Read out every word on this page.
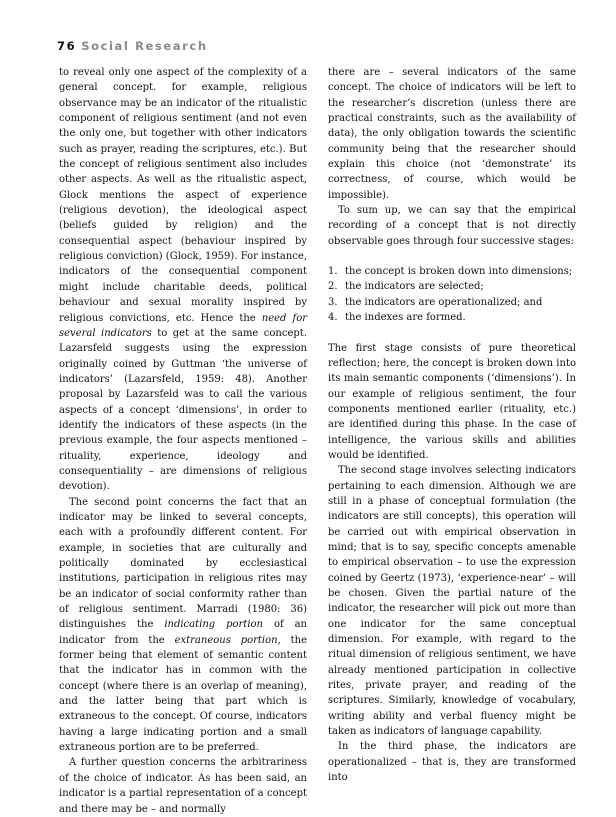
76 Social Research

to reveal only one aspect of the complexity of a general concept. for example, religious observance may be an indicator of the ritualistic component of religious sentiment (and not even the only one, but together with other indicators such as prayer, reading the scriptures, etc.). But the concept of religious sentiment also includes other aspects. As well as the ritualistic aspect, Glock mentions the aspect of experience (religious devotion), the ideological aspect (beliefs guided by religion) and the consequential aspect (behaviour inspired by religious conviction) (Glock, 1959). For instance, indicators of the consequential component might include charitable deeds, political behaviour and sexual morality inspired by religious convictions, etc. Hence the need for several indicators to get at the same concept. Lazarsfeld suggests using the expression originally coined by Guttman ‘the universe of indicators’ (Lazarsfeld, 1959: 48). Another proposal by Lazarsfeld was to call the various aspects of a concept ‘dimensions’, in order to identify the indicators of these aspects (in the previous example, the four aspects mentioned – rituality, experience, ideology and consequentiality – are dimensions of religious devotion).

The second point concerns the fact that an indicator may be linked to several concepts, each with a profoundly different content. For example, in societies that are culturally and politically dominated by ecclesiastical institutions, participation in religious rites may be an indicator of social conformity rather than of religious sentiment. Marradi (1980: 36) distinguishes the indicating portion of an indicator from the extraneous portion, the former being that element of semantic content that the indicator has in common with the concept (where there is an overlap of meaning), and the latter being that part which is extraneous to the concept. Of course, indicators having a large indicating portion and a small extraneous portion are to be preferred.

A further question concerns the arbitrariness of the choice of indicator. As has been said, an indicator is a partial representation of a concept and there may be – and normally

there are – several indicators of the same concept. The choice of indicators will be left to the researcher’s discretion (unless there are practical constraints, such as the availability of data), the only obligation towards the scientific community being that the researcher should explain this choice (not ‘demonstrate’ its correctness, of course, which would be impossible).

To sum up, we can say that the empirical recording of a concept that is not directly observable goes through four successive stages:

1. the concept is broken down into dimensions;
2. the indicators are selected;
3. the indicators are operationalized; and
4. the indexes are formed.

The first stage consists of pure theoretical reflection; here, the concept is broken down into its main semantic components (‘dimensions’). In our example of religious sentiment, the four components mentioned earlier (rituality, etc.) are identified during this phase. In the case of intelligence, the various skills and abilities would be identified.

The second stage involves selecting indicators pertaining to each dimension. Although we are still in a phase of conceptual formulation (the indicators are still concepts), this operation will be carried out with empirical observation in mind; that is to say, specific concepts amenable to empirical observation – to use the expression coined by Geertz (1973), ‘experience-near’ – will be chosen. Given the partial nature of the indicator, the researcher will pick out more than one indicator for the same conceptual dimension. For example, with regard to the ritual dimension of religious sentiment, we have already mentioned participation in collective rites, private prayer, and reading of the scriptures. Similarly, knowledge of vocabulary, writing ability and verbal fluency might be taken as indicators of language capability.

In the third phase, the indicators are operationalized – that is, they are transformed into
